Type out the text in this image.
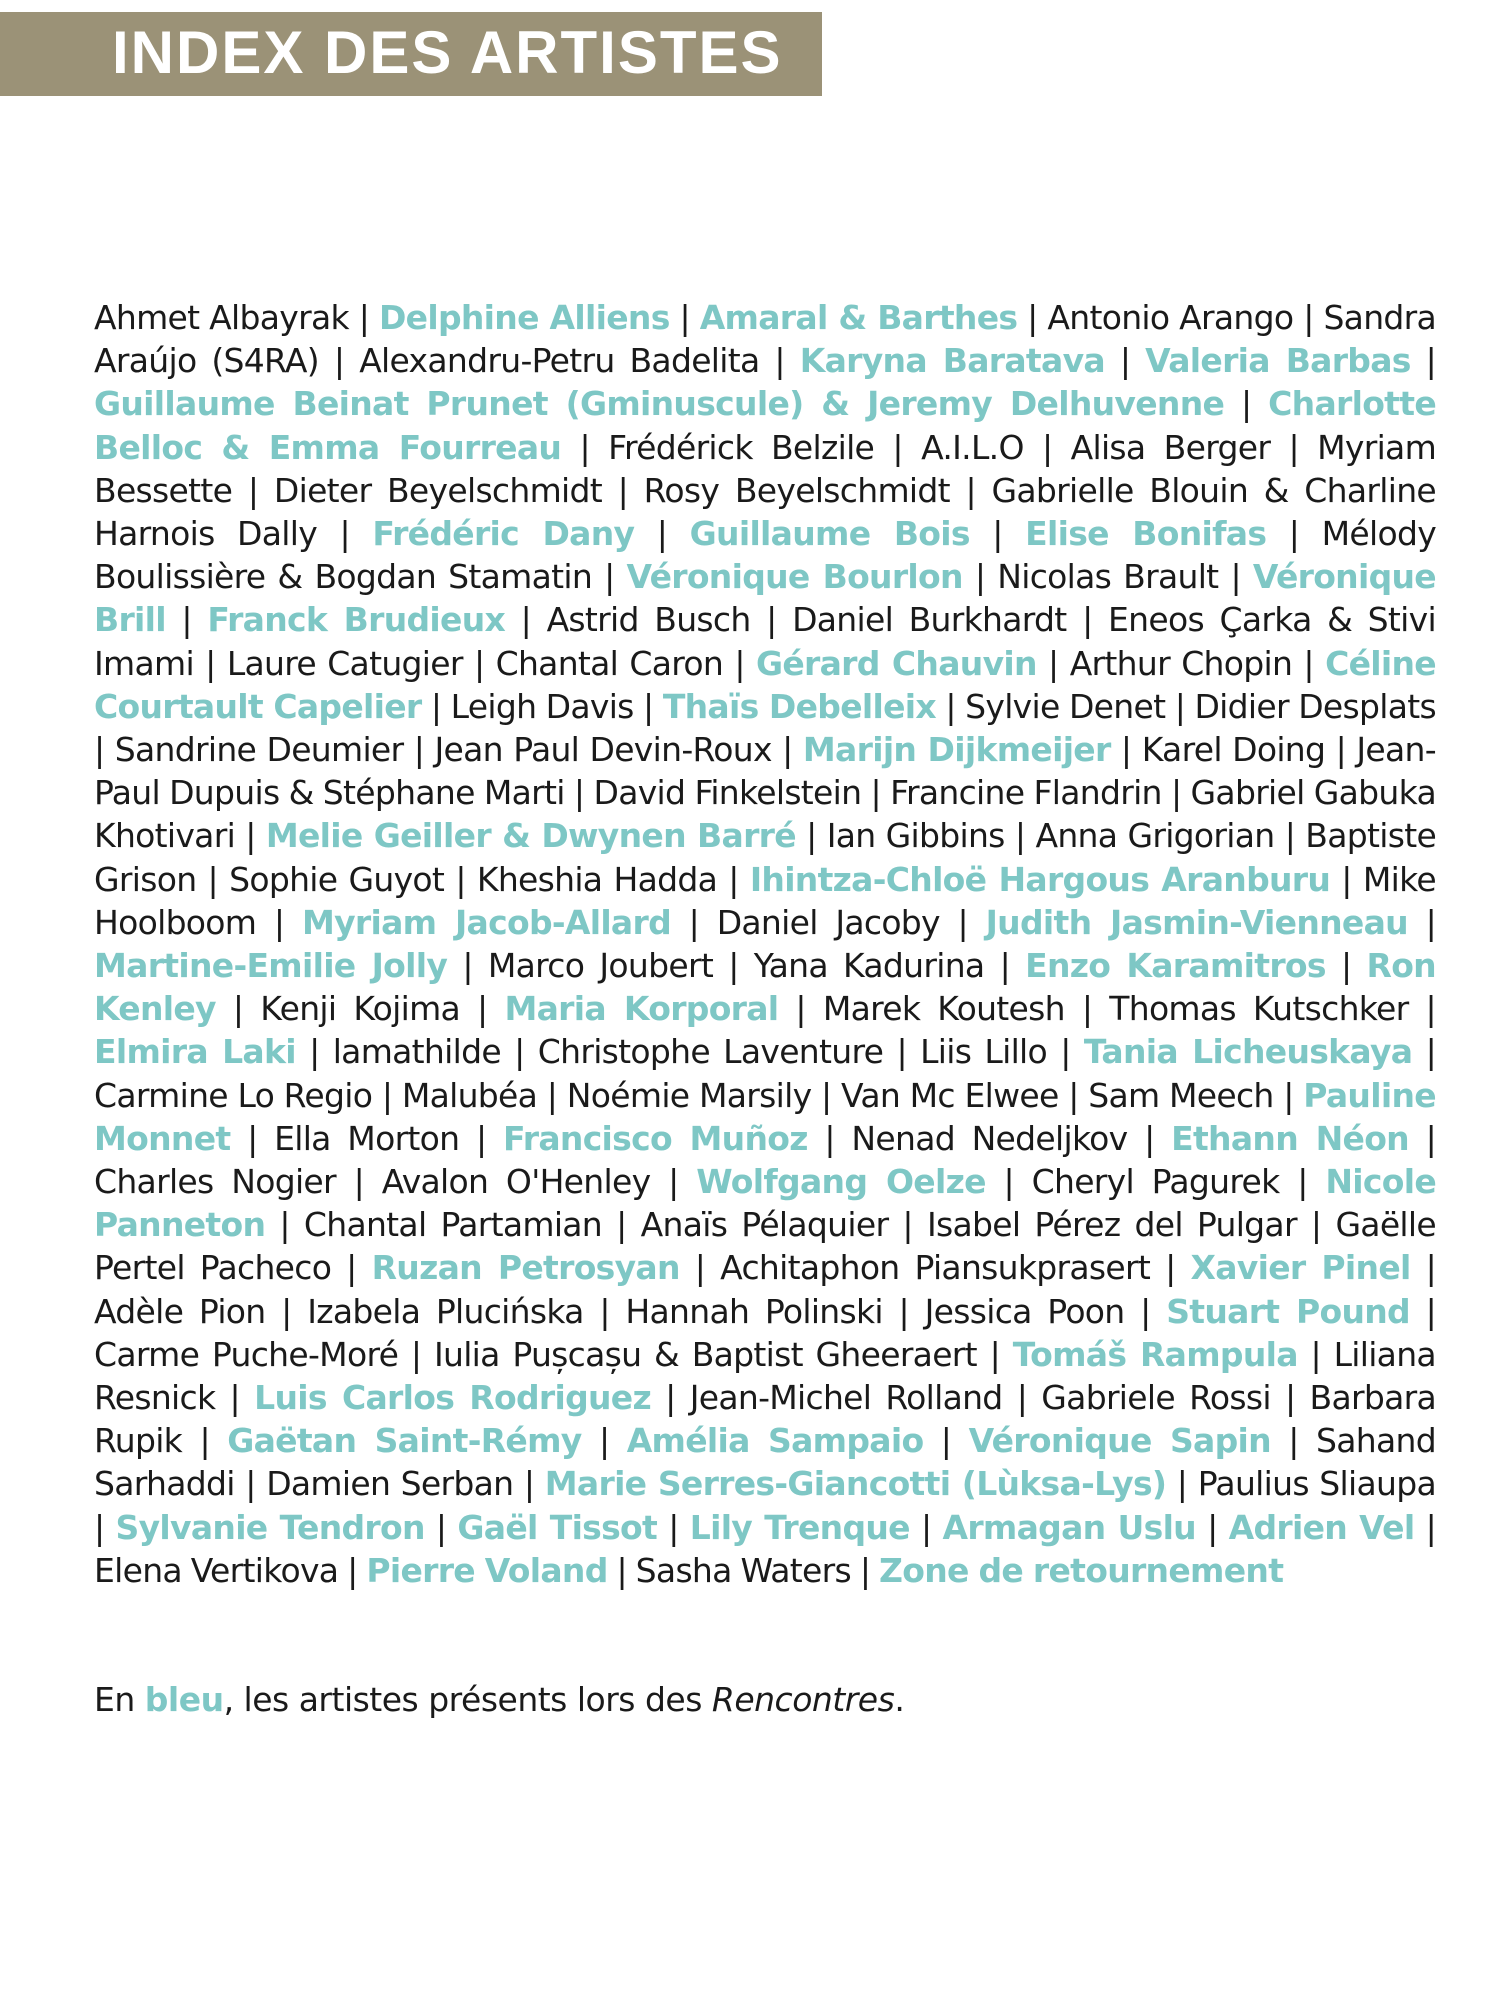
INDEX DES ARTISTES

Ahmet Albayrak | Delphine Alliens | Amaral & Barthes | Antonio Arango | Sandra Araújo (S4RA) | Alexandru-Petru Badelita | Karyna Baratava | Valeria Barbas | Guillaume Beinat Prunet (Gminuscule) & Jeremy Delhuvenne | Charlotte Belloc & Emma Fourreau | Frédérick Belzile | A.I.L.O | Alisa Berger | Myriam Bessette | Dieter Beyelschmidt | Rosy Beyelschmidt | Gabrielle Blouin & Charline Harnois Dally | Frédéric Dany | Guillaume Bois | Elise Bonifas | Mélody Boulissière & Bogdan Stamatin | Véronique Bourlon | Nicolas Brault | Véronique Brill | Franck Brudieux | Astrid Busch | Daniel Burkhardt | Eneos Çarka & Stivi Imami | Laure Catugier | Chantal Caron | Gérard Chauvin | Arthur Chopin | Céline Courtault Capelier | Leigh Davis | Thaïs Debelleix | Sylvie Denet | Didier Desplats | Sandrine Deumier | Jean Paul Devin-Roux | Marijn Dijkmeijer | Karel Doing | Jean-Paul Dupuis & Stéphane Marti | David Finkelstein | Francine Flandrin | Gabriel Gabuka Khotivari | Melie Geiller & Dwynen Barré | Ian Gibbins | Anna Grigorian | Baptiste Grison | Sophie Guyot | Kheshia Hadda | Ihintza-Chloë Hargous Aranburu | Mike Hoolboom | Myriam Jacob-Allard | Daniel Jacoby | Judith Jasmin-Vienneau | Martine-Emilie Jolly | Marco Joubert | Yana Kadurina | Enzo Karamitros | Ron Kenley | Kenji Kojima | Maria Korporal | Marek Koutesh | Thomas Kutschker | Elmira Laki | lamathilde | Christophe Laventure | Liis Lillo | Tania Licheuskaya | Carmine Lo Regio | Malubéa | Noémie Marsily | Van Mc Elwee | Sam Meech | Pauline Monnet | Ella Morton | Francisco Muñoz | Nenad Nedeljkov | Ethann Néon | Charles Nogier | Avalon O'Henley | Wolfgang Oelze | Cheryl Pagurek | Nicole Panneton | Chantal Partamian | Anaïs Pélaquier | Isabel Pérez del Pulgar | Gaëlle Pertel Pacheco | Ruzan Petrosyan | Achitaphon Piansukprasert | Xavier Pinel | Adèle Pion | Izabela Plucińska | Hannah Polinski | Jessica Poon | Stuart Pound | Carme Puche-Moré | Iulia Pușcașu & Baptist Gheeraert | Tomáš Rampula | Liliana Resnick | Luis Carlos Rodriguez | Jean-Michel Rolland | Gabriele Rossi | Barbara Rupik | Gaëtan Saint-Rémy | Amélia Sampaio | Véronique Sapin | Sahand Sarhaddi | Damien Serban | Marie Serres-Giancotti (Lùksa-Lys) | Paulius Sliaupa | Sylvanie Tendron | Gaël Tissot | Lily Trenque | Armagan Uslu | Adrien Vel | Elena Vertikova | Pierre Voland | Sasha Waters | Zone de retournement

En bleu, les artistes présents lors des Rencontres.
